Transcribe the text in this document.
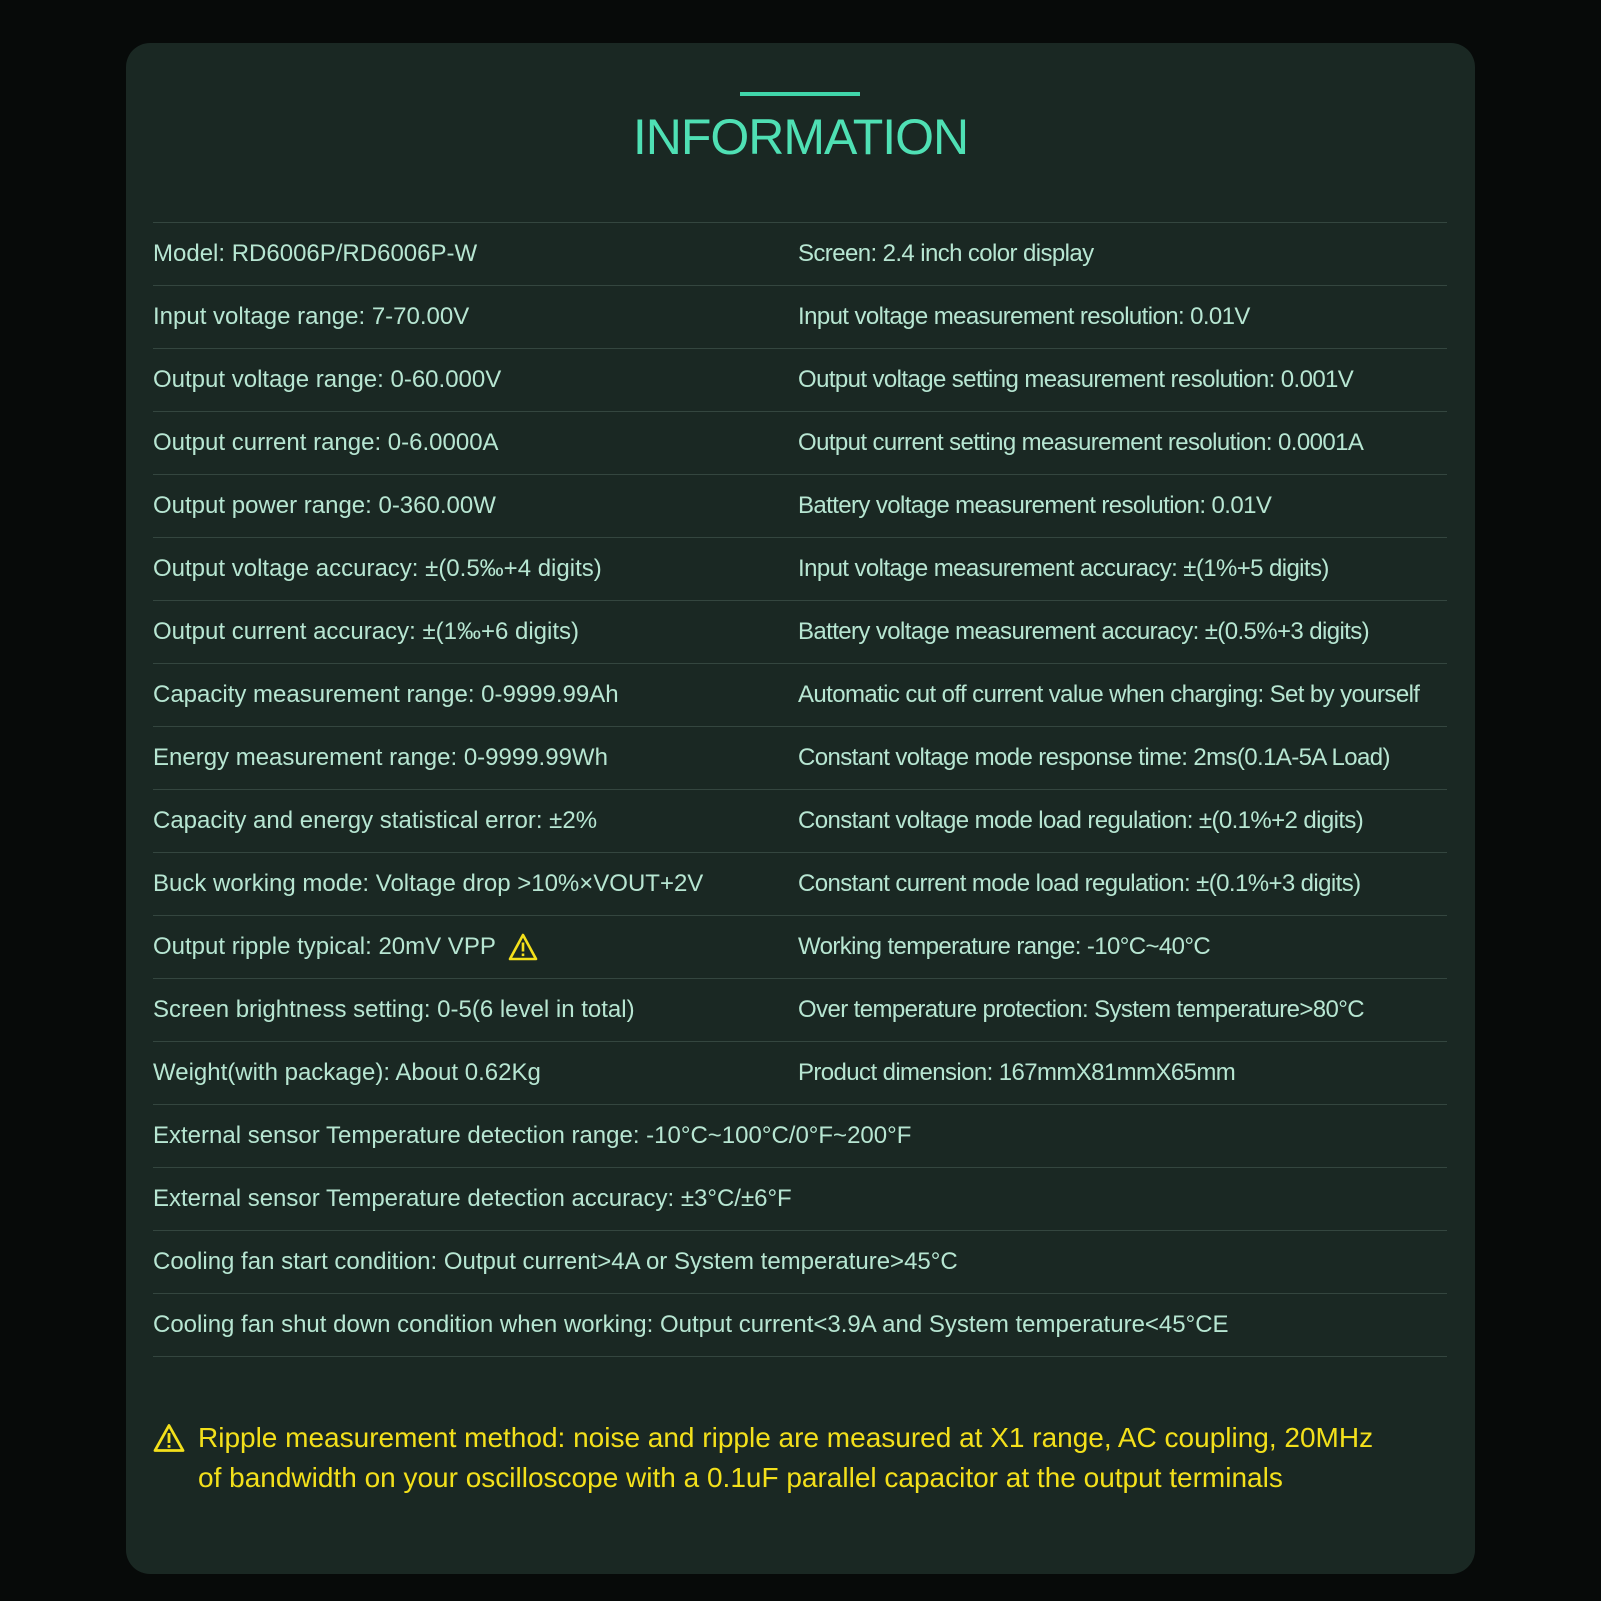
INFORMATION
Model: RD6006P/RD6006P-W	Screen: 2.4 inch color display
Input voltage range: 7-70.00V	Input voltage measurement resolution: 0.01V
Output voltage range: 0-60.000V	Output voltage setting measurement resolution: 0.001V
Output current range: 0-6.0000A	Output current setting measurement resolution: 0.0001A
Output power range: 0-360.00W	Battery voltage measurement resolution: 0.01V
Output voltage accuracy: ±(0.5‰+4 digits)	Input voltage measurement accuracy: ±(1%+5 digits)
Output current accuracy: ±(1‰+6 digits)	Battery voltage measurement accuracy: ±(0.5%+3 digits)
Capacity measurement range: 0-9999.99Ah	Automatic cut off current value when charging: Set by yourself
Energy measurement range: 0-9999.99Wh	Constant voltage mode response time: 2ms(0.1A-5A Load)
Capacity and energy statistical error: ±2%	Constant voltage mode load regulation: ±(0.1%+2 digits)
Buck working mode: Voltage drop >10%×VOUT+2V	Constant current mode load regulation: ±(0.1%+3 digits)
Output ripple typical: 20mV VPP	Working temperature range: -10°C~40°C
Screen brightness setting: 0-5(6 level in total)	Over temperature protection: System temperature>80°C
Weight(with package): About 0.62Kg	Product dimension: 167mmX81mmX65mm
External sensor Temperature detection range: -10°C~100°C/0°F~200°F
External sensor Temperature detection accuracy: ±3°C/±6°F
Cooling fan start condition: Output current>4A or System temperature>45°C
Cooling fan shut down condition when working: Output current<3.9A and System temperature<45°CE
Ripple measurement method: noise and ripple are measured at X1 range, AC coupling, 20MHz
of bandwidth on your oscilloscope with a 0.1uF parallel capacitor at the output terminals
